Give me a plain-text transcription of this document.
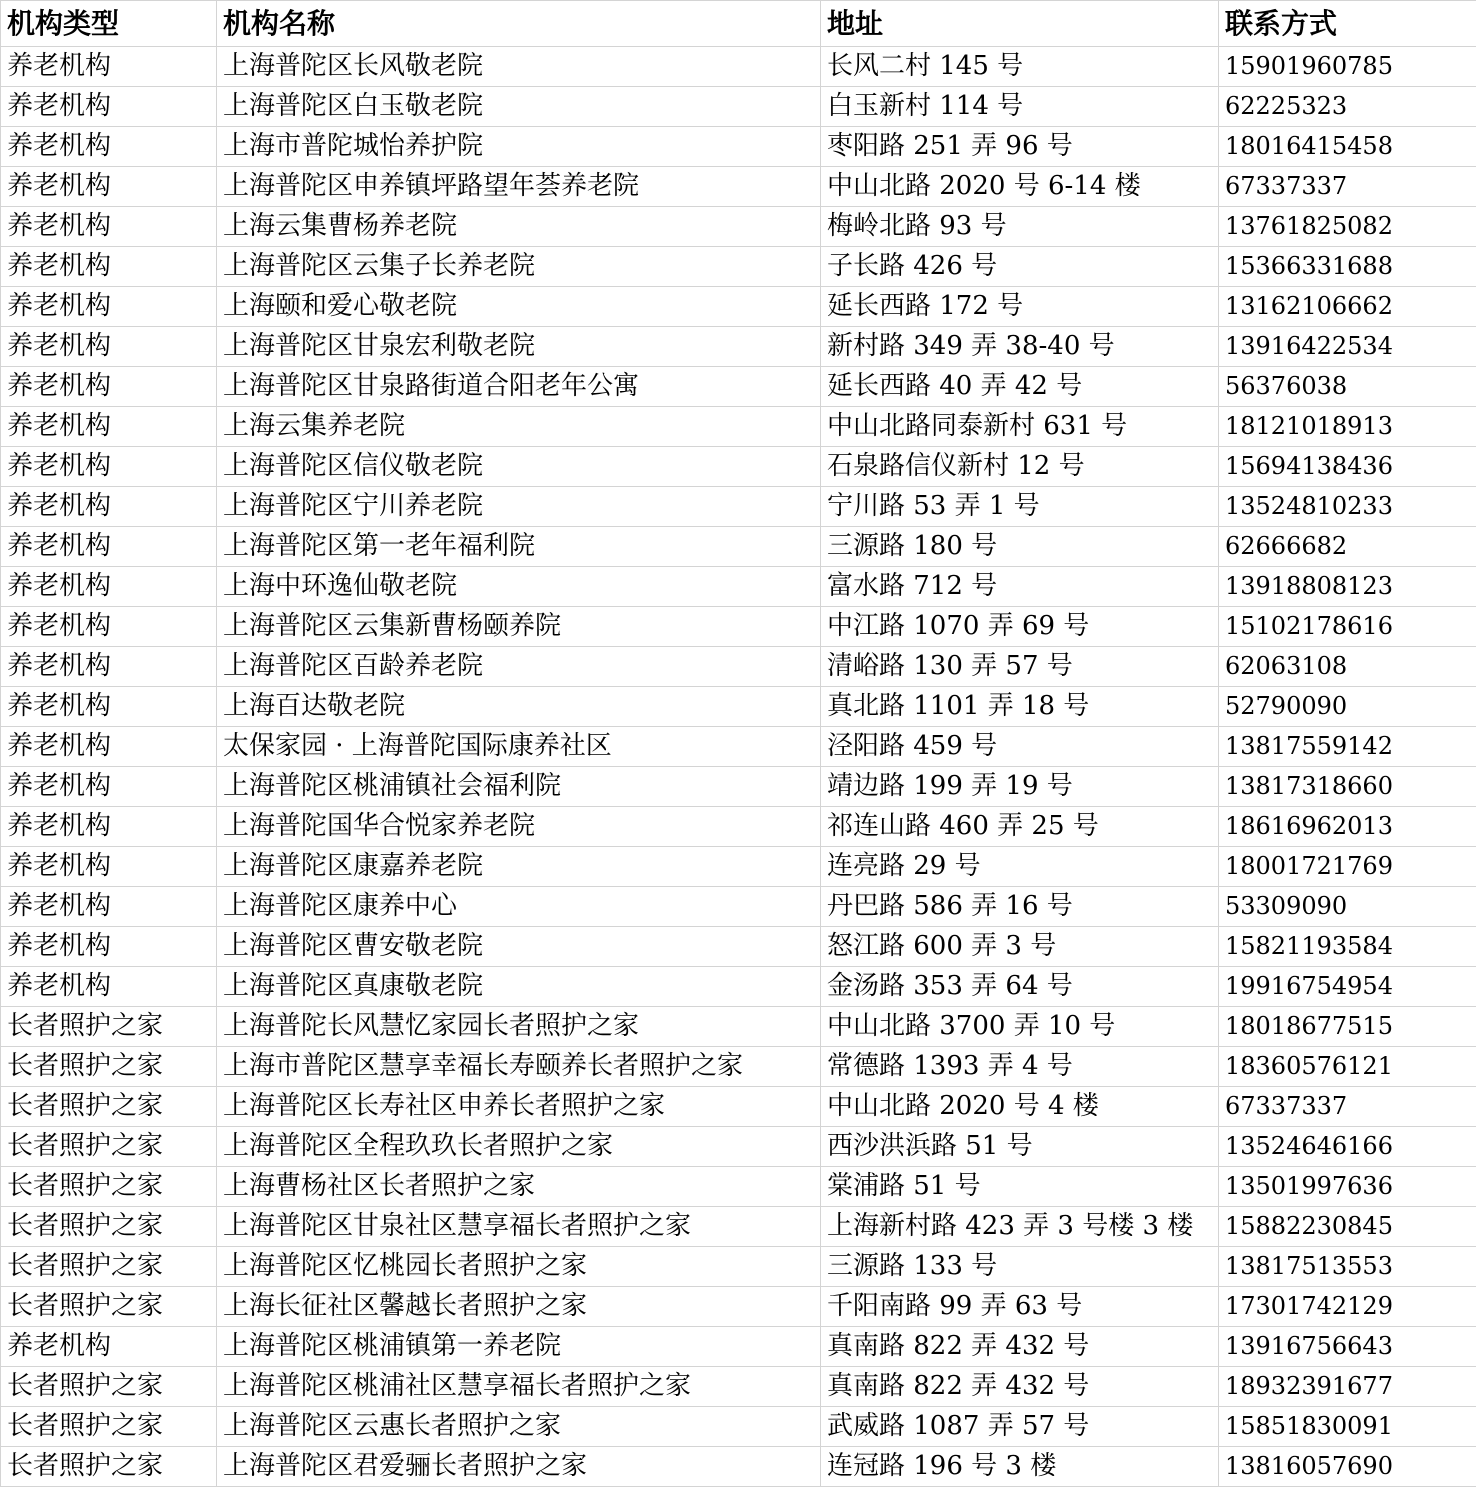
机构类型	机构名称	地址	联系方式
养老机构	上海普陀区长风敬老院	长风二村 145 号	15901960785
养老机构	上海普陀区白玉敬老院	白玉新村 114 号	62225323
养老机构	上海市普陀城怡养护院	枣阳路 251 弄 96 号	18016415458
养老机构	上海普陀区申养镇坪路望年荟养老院	中山北路 2020 号 6-14 楼	67337337
养老机构	上海云集曹杨养老院	梅岭北路 93 号	13761825082
养老机构	上海普陀区云集子长养老院	子长路 426 号	15366331688
养老机构	上海颐和爱心敬老院	延长西路 172 号	13162106662
养老机构	上海普陀区甘泉宏利敬老院	新村路 349 弄 38-40 号	13916422534
养老机构	上海普陀区甘泉路街道合阳老年公寓	延长西路 40 弄 42 号	56376038
养老机构	上海云集养老院	中山北路同泰新村 631 号	18121018913
养老机构	上海普陀区信仪敬老院	石泉路信仪新村 12 号	15694138436
养老机构	上海普陀区宁川养老院	宁川路 53 弄 1 号	13524810233
养老机构	上海普陀区第一老年福利院	三源路 180 号	62666682
养老机构	上海中环逸仙敬老院	富水路 712 号	13918808123
养老机构	上海普陀区云集新曹杨颐养院	中江路 1070 弄 69 号	15102178616
养老机构	上海普陀区百龄养老院	清峪路 130 弄 57 号	62063108
养老机构	上海百达敬老院	真北路 1101 弄 18 号	52790090
养老机构	太保家园 · 上海普陀国际康养社区	泾阳路 459 号	13817559142
养老机构	上海普陀区桃浦镇社会福利院	靖边路 199 弄 19 号	13817318660
养老机构	上海普陀国华合悦家养老院	祁连山路 460 弄 25 号	18616962013
养老机构	上海普陀区康嘉养老院	连亮路 29 号	18001721769
养老机构	上海普陀区康养中心	丹巴路 586 弄 16 号	53309090
养老机构	上海普陀区曹安敬老院	怒江路 600 弄 3 号	15821193584
养老机构	上海普陀区真康敬老院	金汤路 353 弄 64 号	19916754954
长者照护之家	上海普陀长风慧忆家园长者照护之家	中山北路 3700 弄 10 号	18018677515
长者照护之家	上海市普陀区慧享幸福长寿颐养长者照护之家	常德路 1393 弄 4 号	18360576121
长者照护之家	上海普陀区长寿社区申养长者照护之家	中山北路 2020 号 4 楼	67337337
长者照护之家	上海普陀区全程玖玖长者照护之家	西沙洪浜路 51 号	13524646166
长者照护之家	上海曹杨社区长者照护之家	棠浦路 51 号	13501997636
长者照护之家	上海普陀区甘泉社区慧享福长者照护之家	上海新村路 423 弄 3 号楼 3 楼	15882230845
长者照护之家	上海普陀区忆桃园长者照护之家	三源路 133 号	13817513553
长者照护之家	上海长征社区馨越长者照护之家	千阳南路 99 弄 63 号	17301742129
养老机构	上海普陀区桃浦镇第一养老院	真南路 822 弄 432 号	13916756643
长者照护之家	上海普陀区桃浦社区慧享福长者照护之家	真南路 822 弄 432 号	18932391677
长者照护之家	上海普陀区云惠长者照护之家	武威路 1087 弄 57 号	15851830091
长者照护之家	上海普陀区君爱骊长者照护之家	连冠路 196 号 3 楼	13816057690
